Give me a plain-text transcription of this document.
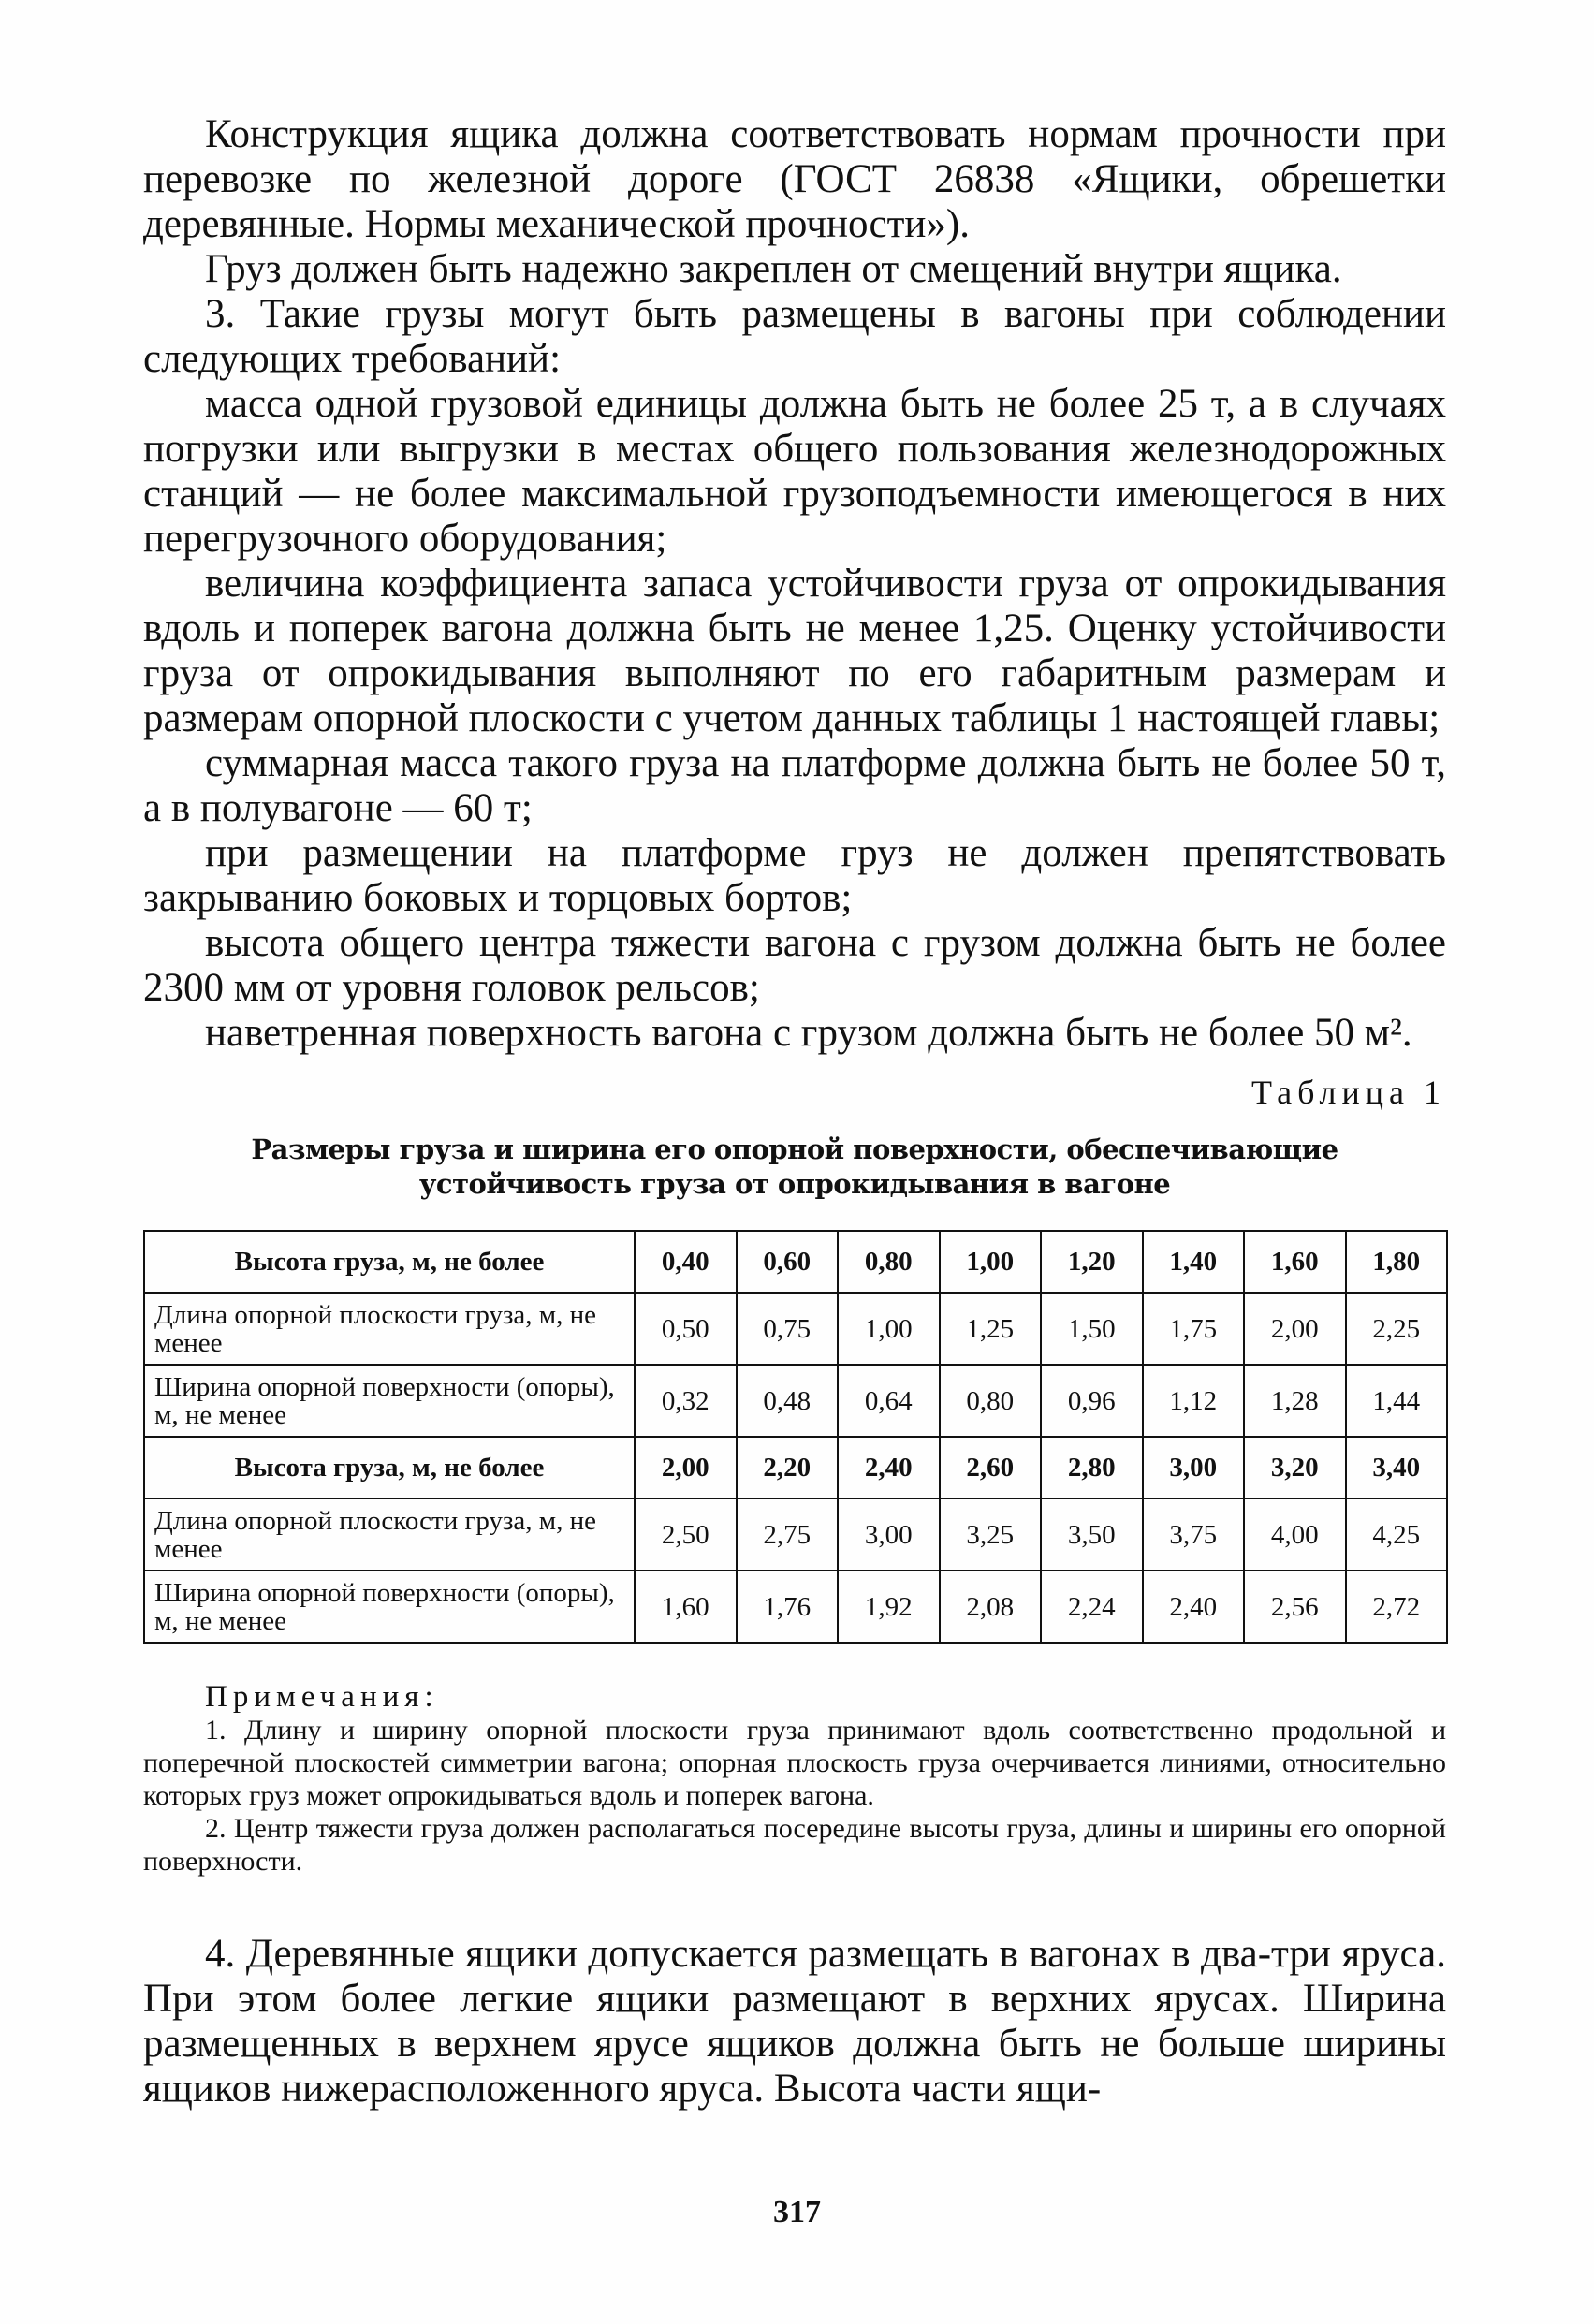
Конструкция ящика должна соответствовать нормам прочности при перевозке по железной дороге (ГОСТ 26838 «Ящики, обрешетки деревянные. Нормы механической прочности»).

Груз должен быть надежно закреплен от смещений внутри ящика.

3. Такие грузы могут быть размещены в вагоны при соблюдении следующих требований:

масса одной грузовой единицы должна быть не более 25 т, а в случаях погрузки или выгрузки в местах общего пользования железнодорожных станций — не более максимальной грузоподъемности имеющегося в них перегрузочного оборудования;

величина коэффициента запаса устойчивости груза от опрокидывания вдоль и поперек вагона должна быть не менее 1,25. Оценку устойчивости груза от опрокидывания выполняют по его габаритным размерам и размерам опорной плоскости с учетом данных таблицы 1 настоящей главы;

суммарная масса такого груза на платформе должна быть не более 50 т, а в полувагоне — 60 т;

при размещении на платформе груз не должен препятствовать закрыванию боковых и торцовых бортов;

высота общего центра тяжести вагона с грузом должна быть не более 2300 мм от уровня головок рельсов;

наветренная поверхность вагона с грузом должна быть не более 50 м².

Таблица 1
Размеры груза и ширина его опорной поверхности, обеспечивающие устойчивость груза от опрокидывания в вагоне
Высота груза, м, не более	0,40	0,60	0,80	1,00	1,20	1,40	1,60	1,80
Длина опорной плоскости груза, м, не менее	0,50	0,75	1,00	1,25	1,50	1,75	2,00	2,25
Ширина опорной поверхности (опоры), м, не менее	0,32	0,48	0,64	0,80	0,96	1,12	1,28	1,44
Высота груза, м, не более	2,00	2,20	2,40	2,60	2,80	3,00	3,20	3,40
Длина опорной плоскости груза, м, не менее	2,50	2,75	3,00	3,25	3,50	3,75	4,00	4,25
Ширина опорной поверхности (опоры), м, не менее	1,60	1,76	1,92	2,08	2,24	2,40	2,56	2,72

Примечания:

1. Длину и ширину опорной плоскости груза принимают вдоль соответственно продольной и поперечной плоскостей симметрии вагона; опорная плоскость груза очерчивается линиями, относительно которых груз может опрокидываться вдоль и поперек вагона.

2. Центр тяжести груза должен располагаться посередине высоты груза, длины и ширины его опорной поверхности.

4. Деревянные ящики допускается размещать в вагонах в два-три яруса. При этом более легкие ящики размещают в верхних ярусах. Ширина размещенных в верхнем ярусе ящиков должна быть не больше ширины ящиков нижерасположенного яруса. Высота части ящи-

317
